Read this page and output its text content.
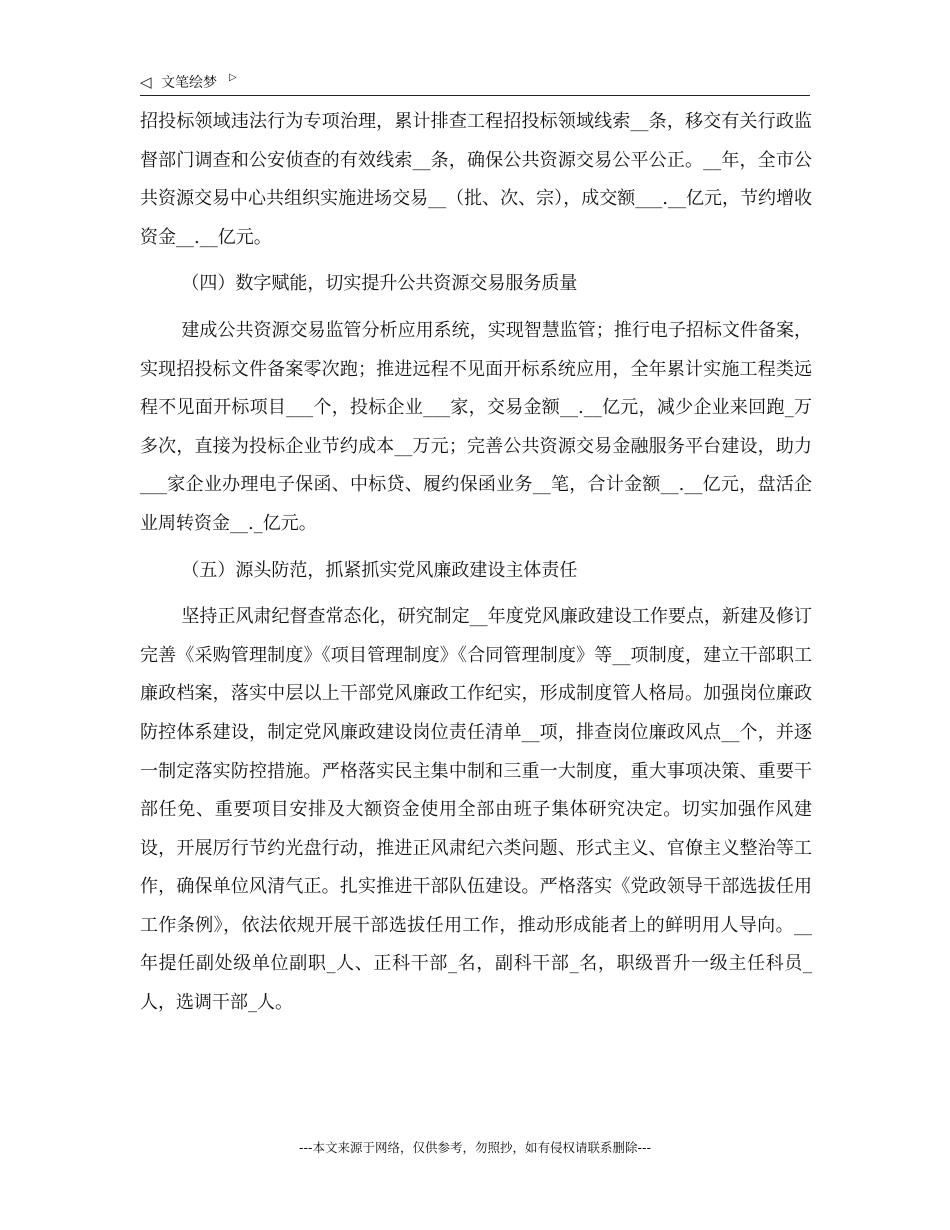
◁ 文笔绘梦 ▷

招投标领域违法行为专项治理，累计排查工程招投标领域线索__条，移交有关行政监督部门调查和公安侦查的有效线索__条，确保公共资源交易公平公正。__年，全市公共资源交易中心共组织实施进场交易__（批、次、宗），成交额___.__亿元，节约增收资金__.__亿元。

（四）数字赋能，切实提升公共资源交易服务质量

建成公共资源交易监管分析应用系统，实现智慧监管；推行电子招标文件备案，实现招投标文件备案零次跑；推进远程不见面开标系统应用，全年累计实施工程类远程不见面开标项目___个，投标企业___家，交易金额__.__亿元，减少企业来回跑_万多次，直接为投标企业节约成本__万元；完善公共资源交易金融服务平台建设，助力___家企业办理电子保函、中标贷、履约保函业务__笔，合计金额__.__亿元，盘活企业周转资金__._亿元。

（五）源头防范，抓紧抓实党风廉政建设主体责任

坚持正风肃纪督查常态化，研究制定__年度党风廉政建设工作要点，新建及修订完善《采购管理制度》《项目管理制度》《合同管理制度》等__项制度，建立干部职工廉政档案，落实中层以上干部党风廉政工作纪实，形成制度管人格局。加强岗位廉政防控体系建设，制定党风廉政建设岗位责任清单__项，排查岗位廉政风点__个，并逐一制定落实防控措施。严格落实民主集中制和三重一大制度，重大事项决策、重要干部任免、重要项目安排及大额资金使用全部由班子集体研究决定。切实加强作风建设，开展厉行节约光盘行动，推进正风肃纪六类问题、形式主义、官僚主义整治等工作，确保单位风清气正。扎实推进干部队伍建设。严格落实《党政领导干部选拔任用工作条例》，依法依规开展干部选拔任用工作，推动形成能者上的鲜明用人导向。__年提任副处级单位副职_人、正科干部_名，副科干部_名，职级晋升一级主任科员_人，选调干部_人。

---本文来源于网络，仅供参考，勿照抄，如有侵权请联系删除---
